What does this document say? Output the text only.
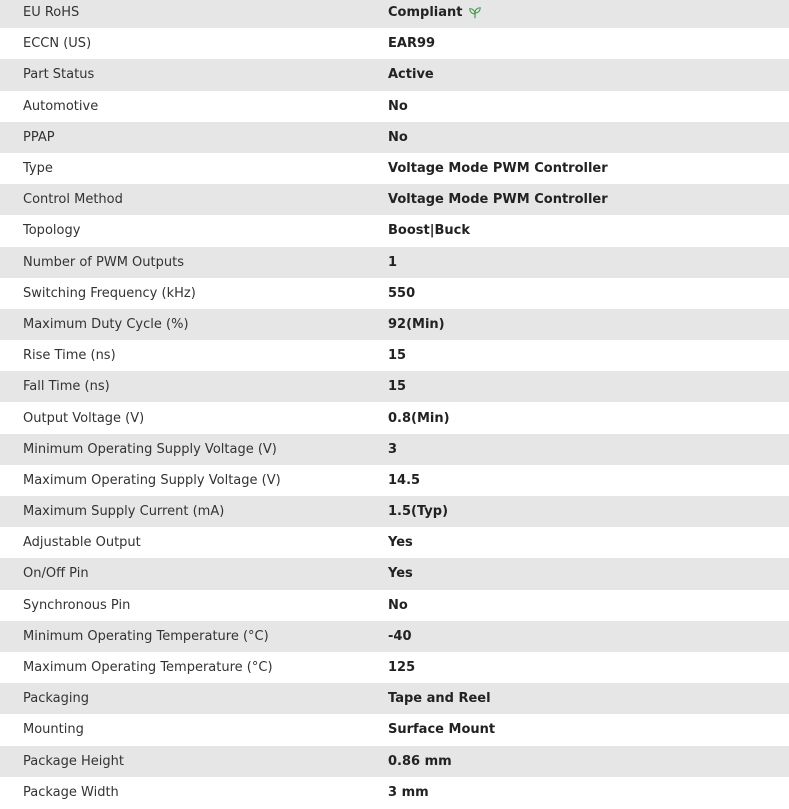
EU RoHS	Compliant
ECCN (US)	EAR99
Part Status	Active
Automotive	No
PPAP	No
Type	Voltage Mode PWM Controller
Control Method	Voltage Mode PWM Controller
Topology	Boost|Buck
Number of PWM Outputs	1
Switching Frequency (kHz)	550
Maximum Duty Cycle (%)	92(Min)
Rise Time (ns)	15
Fall Time (ns)	15
Output Voltage (V)	0.8(Min)
Minimum Operating Supply Voltage (V)	3
Maximum Operating Supply Voltage (V)	14.5
Maximum Supply Current (mA)	1.5(Typ)
Adjustable Output	Yes
On/Off Pin	Yes
Synchronous Pin	No
Minimum Operating Temperature (°C)	-40
Maximum Operating Temperature (°C)	125
Packaging	Tape and Reel
Mounting	Surface Mount
Package Height	0.86 mm
Package Width	3 mm
